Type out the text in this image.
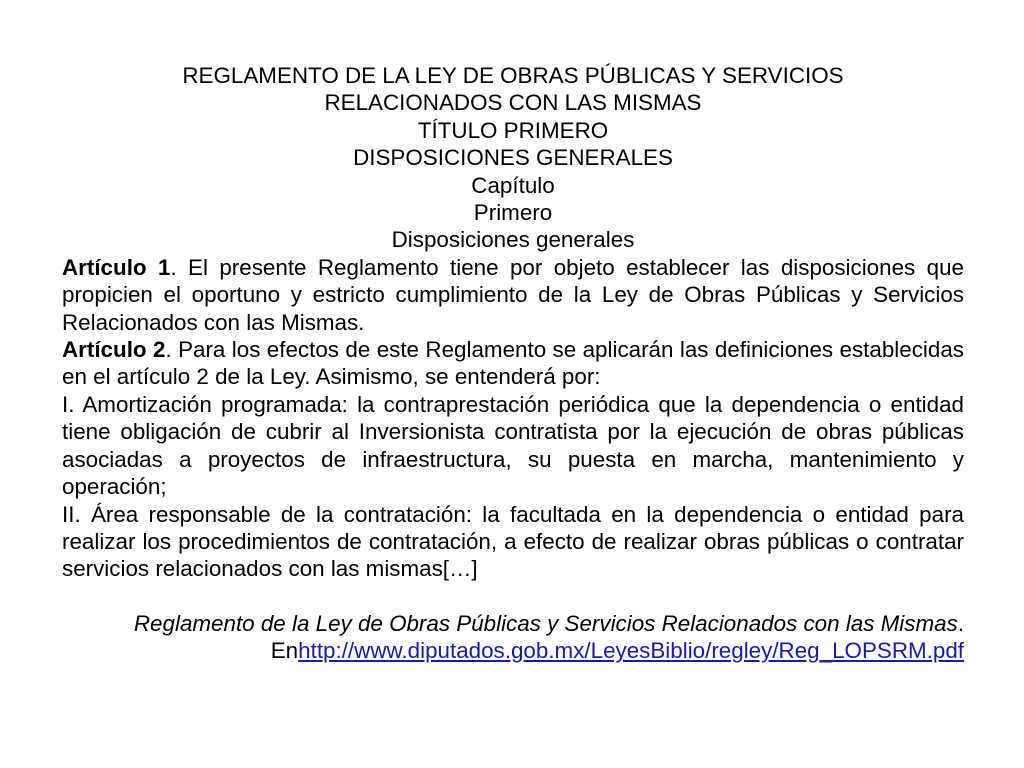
REGLAMENTO DE LA LEY DE OBRAS PÚBLICAS Y SERVICIOS

RELACIONADOS CON LAS MISMAS

TÍTULO PRIMERO

DISPOSICIONES GENERALES

Capítulo

Primero

Disposiciones generales

Artículo 1. El presente Reglamento tiene por objeto establecer las disposiciones que propicien el oportuno y estricto cumplimiento de la Ley de Obras Públicas y Servicios Relacionados con las Mismas.

Artículo 2. Para los efectos de este Reglamento se aplicarán las definiciones establecidas en el artículo 2 de la Ley. Asimismo, se entenderá por:

I. Amortización programada: la contraprestación periódica que la dependencia o entidad tiene obligación de cubrir al Inversionista contratista por la ejecución de obras públicas asociadas a proyectos de infraestructura, su puesta en marcha, mantenimiento y operación;

II. Área responsable de la contratación: la facultada en la dependencia o entidad para realizar los procedimientos de contratación, a efecto de realizar obras públicas o contratar servicios relacionados con las mismas[…]

Reglamento de la Ley de Obras Públicas y Servicios Relacionados con las Mismas. Enhttp://www.diputados.gob.mx/LeyesBiblio/regley/Reg_LOPSRM.pdf
